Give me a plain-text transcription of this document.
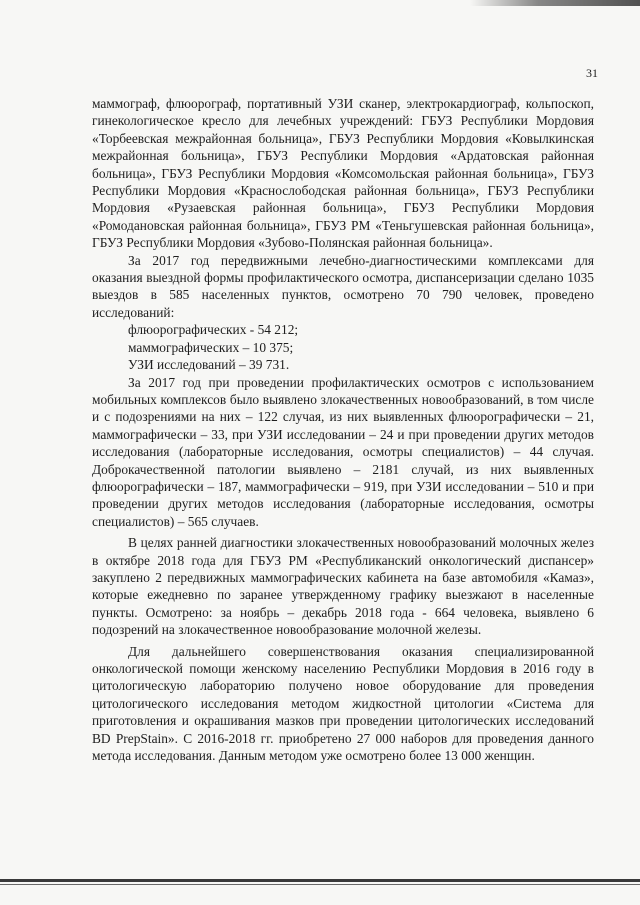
31

маммограф, флюорограф, портативный УЗИ сканер, электрокардиограф, кольпоскоп, гинекологическое кресло для лечебных учреждений: ГБУЗ Республики Мордовия «Торбеевская межрайонная больница», ГБУЗ Республики Мордовия «Ковылкинская межрайонная больница», ГБУЗ Республики Мордовия «Ардатовская районная больница», ГБУЗ Республики Мордовия «Комсомольская районная больница», ГБУЗ Республики Мордовия «Краснослободская районная больница», ГБУЗ Республики Мордовия «Рузаевская районная больница», ГБУЗ Республики Мордовия «Ромодановская районная больница», ГБУЗ РМ «Теньгушевская районная больница», ГБУЗ Республики Мордовия «Зубово-Полянская районная больница».

За 2017 год передвижными лечебно-диагностическими комплексами для оказания выездной формы профилактического осмотра, диспансеризации сделано 1035 выездов в 585 населенных пунктов, осмотрено 70 790 человек, проведено исследований:

флюорографических - 54 212;

маммографических – 10 375;

УЗИ исследований – 39 731.

За 2017 год при проведении профилактических осмотров с использованием мобильных комплексов было выявлено злокачественных новообразований, в том числе и с подозрениями на них – 122 случая, из них выявленных флюорографически – 21, маммографически – 33, при УЗИ исследовании – 24 и при проведении других методов исследования (лабораторные исследования, осмотры специалистов) – 44 случая. Доброкачественной патологии выявлено – 2181 случай, из них выявленных флюорографически – 187, маммографически – 919, при УЗИ исследовании – 510 и при проведении других методов исследования (лабораторные исследования, осмотры специалистов) – 565 случаев.

В целях ранней диагностики злокачественных новообразований молочных желез в октябре 2018 года для ГБУЗ РМ «Республиканский онкологический диспансер» закуплено 2 передвижных маммографических кабинета на базе автомобиля «Камаз», которые ежедневно по заранее утвержденному графику выезжают в населенные пункты. Осмотрено: за ноябрь – декабрь 2018 года - 664 человека, выявлено 6 подозрений на злокачественное новообразование молочной железы.

Для дальнейшего совершенствования оказания специализированной онкологической помощи женскому населению Республики Мордовия в 2016 году в цитологическую лабораторию получено новое оборудование для проведения цитологического исследования методом жидкостной цитологии «Система для приготовления и окрашивания мазков при проведении цитологических исследований BD PrepStain». С 2016-2018 гг. приобретено 27 000 наборов для проведения данного метода исследования. Данным методом уже осмотрено более 13 000 женщин.
